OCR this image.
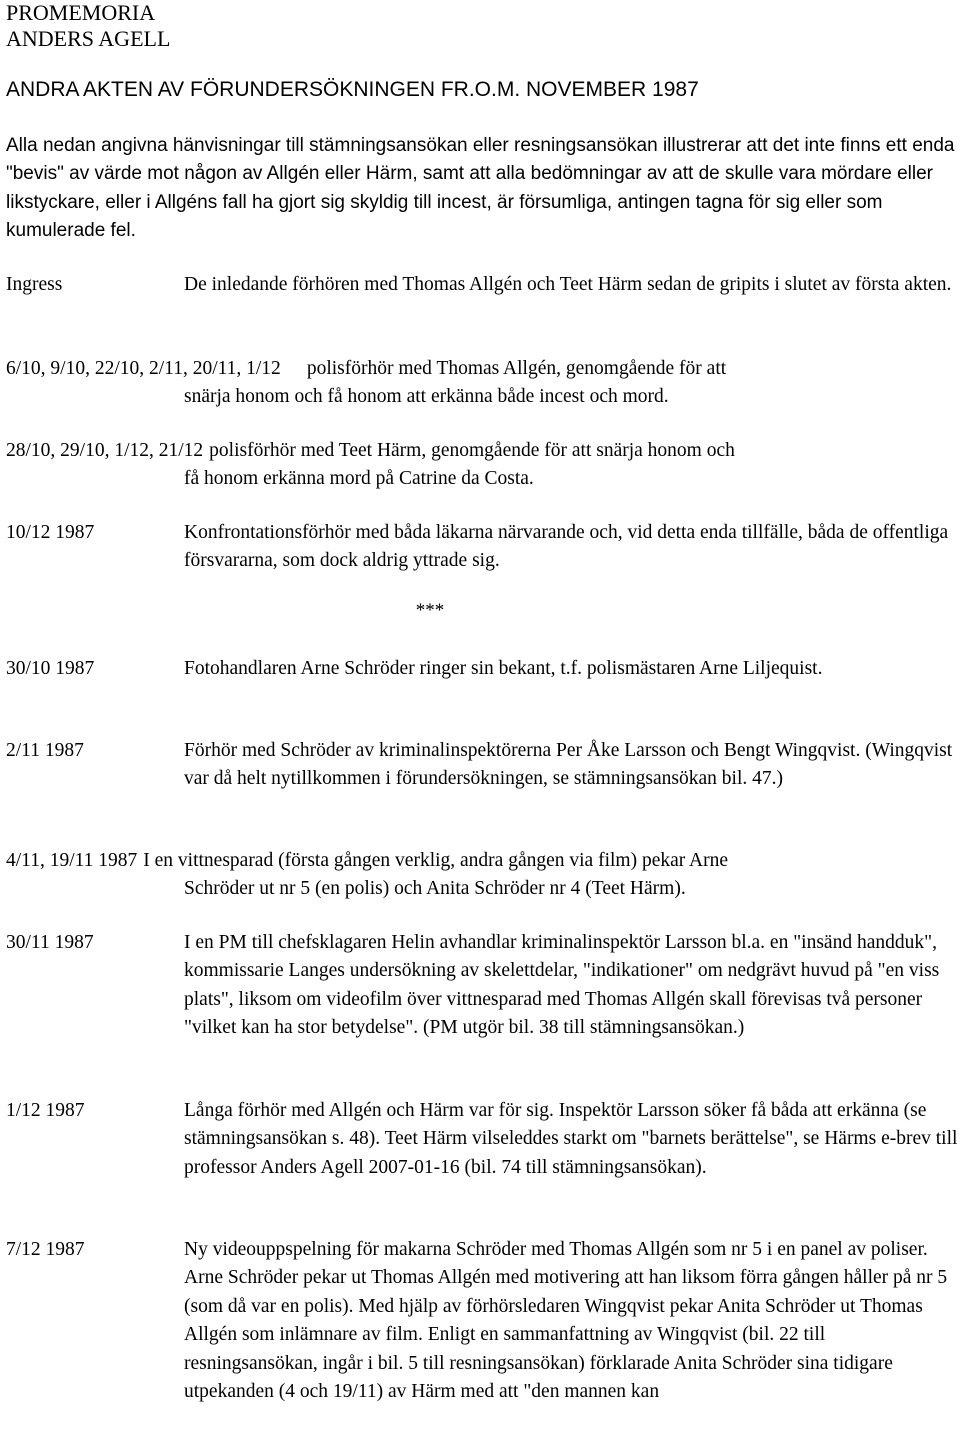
PROMEMORIA
ANDERS AGELL
ANDRA AKTEN AV FÖRUNDERSÖKNINGEN FR.O.M. NOVEMBER 1987
Alla nedan angivna hänvisningar till stämningsansökan eller resningsansökan illustrerar att det inte finns ett enda "bevis" av värde mot någon av Allgén eller Härm, samt att alla bedömningar av att de skulle vara mördare eller likstyckare, eller i Allgéns fall ha gjort sig skyldig till incest, är försumliga, antingen tagna för sig eller som kumulerade fel.
Ingress	De inledande förhören med Thomas Allgén och Teet Härm sedan de gripits i slutet av första akten.
6/10, 9/10, 22/10, 2/11, 20/11, 1/12 polisförhör med Thomas Allgén, genomgående för att
snärja honom och få honom att erkänna både incest och mord.
28/10, 29/10, 1/12, 21/12 polisförhör med Teet Härm, genomgående för att snärja honom och
få honom erkänna mord på Catrine da Costa.
10/12 1987	Konfrontationsförhör med båda läkarna närvarande och, vid detta enda tillfälle, båda de offentliga försvararna, som dock aldrig yttrade sig.
***
30/10 1987	Fotohandlaren Arne Schröder ringer sin bekant, t.f. polismästaren Arne Liljequist.
2/11 1987	Förhör med Schröder av kriminalinspektörerna Per Åke Larsson och Bengt Wingqvist. (Wingqvist var då helt nytillkommen i förundersökningen, se stämningsansökan bil. 47.)
4/11, 19/11 1987 I en vittnesparad (första gången verklig, andra gången via film) pekar Arne
Schröder ut nr 5 (en polis) och Anita Schröder nr 4 (Teet Härm).
30/11 1987	I en PM till chefsklagaren Helin avhandlar kriminalinspektör Larsson bl.a. en "insänd handduk", kommissarie Langes undersökning av skelettdelar, "indikationer" om nedgrävt huvud på "en viss plats", liksom om videofilm över vittnesparad med Thomas Allgén skall förevisas två personer "vilket kan ha stor betydelse". (PM utgör bil. 38 till stämningsansökan.)
1/12 1987	Långa förhör med Allgén och Härm var för sig. Inspektör Larsson söker få båda att erkänna (se stämningsansökan s. 48). Teet Härm vilseleddes starkt om "barnets berättelse", se Härms e-brev till professor Anders Agell 2007-01-16 (bil. 74 till stämningsansökan).
7/12 1987	Ny videouppspelning för makarna Schröder med Thomas Allgén som nr 5 i en panel av poliser. Arne Schröder pekar ut Thomas Allgén med motivering att han liksom förra gången håller på nr 5 (som då var en polis). Med hjälp av förhörsledaren Wingqvist pekar Anita Schröder ut Thomas Allgén som inlämnare av film. Enligt en sammanfattning av Wingqvist (bil. 22 till resningsansökan, ingår i bil. 5 till resningsansökan) förklarade Anita Schröder sina tidigare utpekanden (4 och 19/11) av Härm med att "den mannen kan
